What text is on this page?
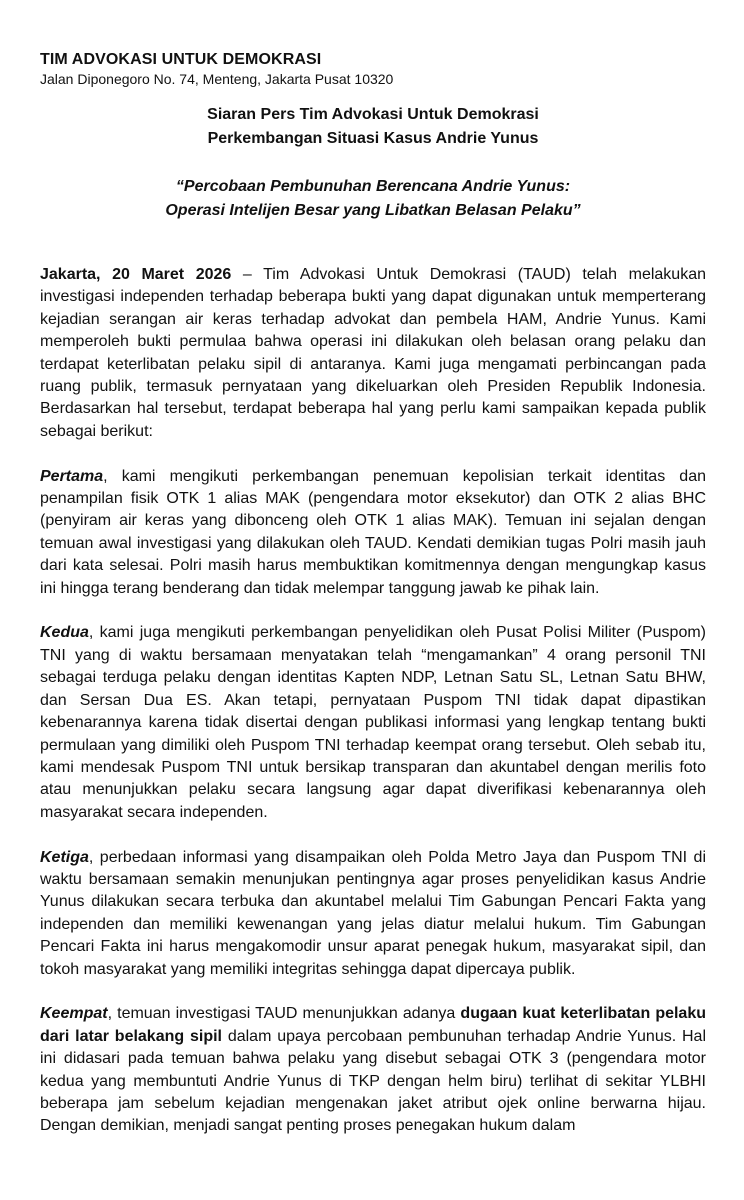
TIM ADVOKASI UNTUK DEMOKRASI
Jalan Diponegoro No. 74, Menteng, Jakarta Pusat 10320
Siaran Pers Tim Advokasi Untuk Demokrasi
Perkembangan Situasi Kasus Andrie Yunus
“Percobaan Pembunuhan Berencana Andrie Yunus:
Operasi Intelijen Besar yang Libatkan Belasan Pelaku”

Jakarta, 20 Maret 2026 – Tim Advokasi Untuk Demokrasi (TAUD) telah melakukan investigasi independen terhadap beberapa bukti yang dapat digunakan untuk memperterang kejadian serangan air keras terhadap advokat dan pembela HAM, Andrie Yunus. Kami memperoleh bukti permulaa bahwa operasi ini dilakukan oleh belasan orang pelaku dan terdapat keterlibatan pelaku sipil di antaranya. Kami juga mengamati perbincangan pada ruang publik, termasuk pernyataan yang dikeluarkan oleh Presiden Republik Indonesia. Berdasarkan hal tersebut, terdapat beberapa hal yang perlu kami sampaikan kepada publik sebagai berikut:

Pertama, kami mengikuti perkembangan penemuan kepolisian terkait identitas dan penampilan fisik OTK 1 alias MAK (pengendara motor eksekutor) dan OTK 2 alias BHC (penyiram air keras yang dibonceng oleh OTK 1 alias MAK). Temuan ini sejalan dengan temuan awal investigasi yang dilakukan oleh TAUD. Kendati demikian tugas Polri masih jauh dari kata selesai. Polri masih harus membuktikan komitmennya dengan mengungkap kasus ini hingga terang benderang dan tidak melempar tanggung jawab ke pihak lain.

Kedua, kami juga mengikuti perkembangan penyelidikan oleh Pusat Polisi Militer (Puspom) TNI yang di waktu bersamaan menyatakan telah “mengamankan” 4 orang personil TNI sebagai terduga pelaku dengan identitas Kapten NDP, Letnan Satu SL, Letnan Satu BHW, dan Sersan Dua ES. Akan tetapi, pernyataan Puspom TNI tidak dapat dipastikan kebenarannya karena tidak disertai dengan publikasi informasi yang lengkap tentang bukti permulaan yang dimiliki oleh Puspom TNI terhadap keempat orang tersebut. Oleh sebab itu, kami mendesak Puspom TNI untuk bersikap transparan dan akuntabel dengan merilis foto atau menunjukkan pelaku secara langsung agar dapat diverifikasi kebenarannya oleh masyarakat secara independen.

Ketiga, perbedaan informasi yang disampaikan oleh Polda Metro Jaya dan Puspom TNI di waktu bersamaan semakin menunjukan pentingnya agar proses penyelidikan kasus Andrie Yunus dilakukan secara terbuka dan akuntabel melalui Tim Gabungan Pencari Fakta yang independen dan memiliki kewenangan yang jelas diatur melalui hukum. Tim Gabungan Pencari Fakta ini harus mengakomodir unsur aparat penegak hukum, masyarakat sipil, dan tokoh masyarakat yang memiliki integritas sehingga dapat dipercaya publik.

Keempat, temuan investigasi TAUD menunjukkan adanya dugaan kuat keterlibatan pelaku dari latar belakang sipil dalam upaya percobaan pembunuhan terhadap Andrie Yunus. Hal ini didasari pada temuan bahwa pelaku yang disebut sebagai OTK 3 (pengendara motor kedua yang membuntuti Andrie Yunus di TKP dengan helm biru) terlihat di sekitar YLBHI beberapa jam sebelum kejadian mengenakan jaket atribut ojek online berwarna hijau. Dengan demikian, menjadi sangat penting proses penegakan hukum dalam
